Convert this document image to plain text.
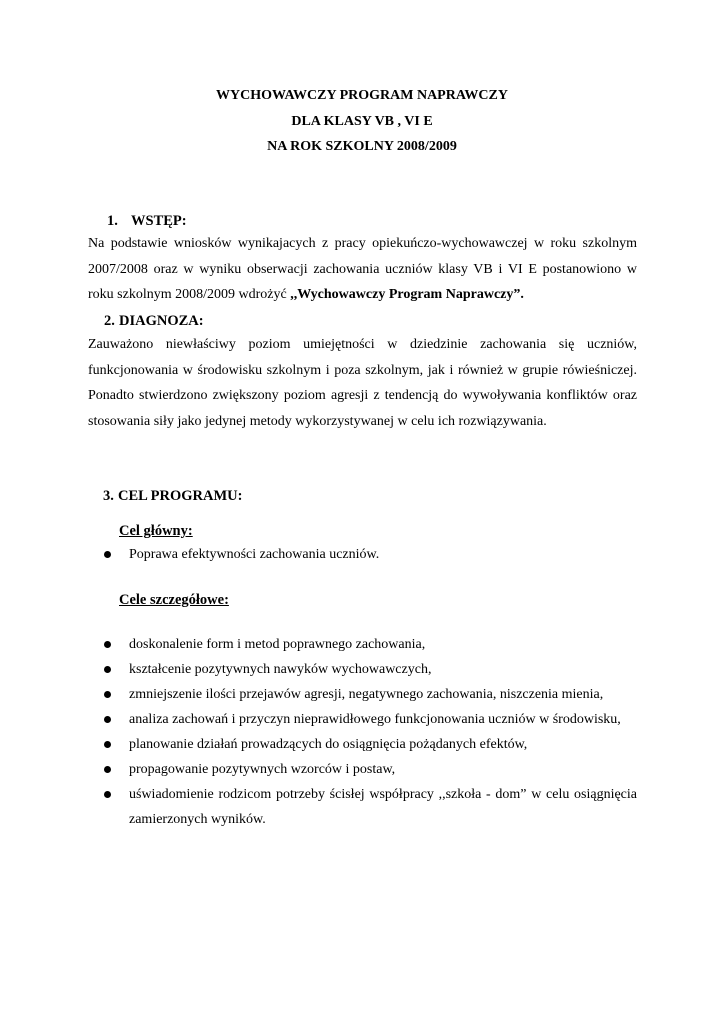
WYCHOWAWCZY PROGRAM NAPRAWCZY
DLA KLASY VB , VI E
NA ROK SZKOLNY 2008/2009
1. WSTĘP:

Na podstawie wniosków wynikajacych z pracy opiekuńczo-wychowawczej w roku szkolnym 2007/2008 oraz w wyniku obserwacji zachowania uczniów klasy VB i VI E postanowiono w roku szkolnym 2008/2009 wdrożyć ,,Wychowawczy Program Naprawczy”.

2. DIAGNOZA:

Zauważono niewłaściwy poziom umiejętności w dziedzinie zachowania się uczniów, funkcjonowania w środowisku szkolnym i poza szkolnym, jak i również w grupie rówieśniczej. Ponadto stwierdzono zwiększony poziom agresji z tendencją do wywoływania konfliktów oraz stosowania siły jako jedynej metody wykorzystywanej w celu ich rozwiązywania.

3. CEL PROGRAMU:
Cel główny:
Poprawa efektywności zachowania uczniów.
Cele szczegółowe:
doskonalenie form i metod poprawnego zachowania,
kształcenie pozytywnych nawyków wychowawczych,
zmniejszenie ilości przejawów agresji, negatywnego zachowania, niszczenia mienia,
analiza zachowań i przyczyn nieprawidłowego funkcjonowania uczniów w środowisku,
planowanie działań prowadzących do osiągnięcia pożądanych efektów,
propagowanie pozytywnych wzorców i postaw,
uświadomienie rodzicom potrzeby ścisłej współpracy ,,szkoła - dom” w celu osiągnięcia zamierzonych wyników.
